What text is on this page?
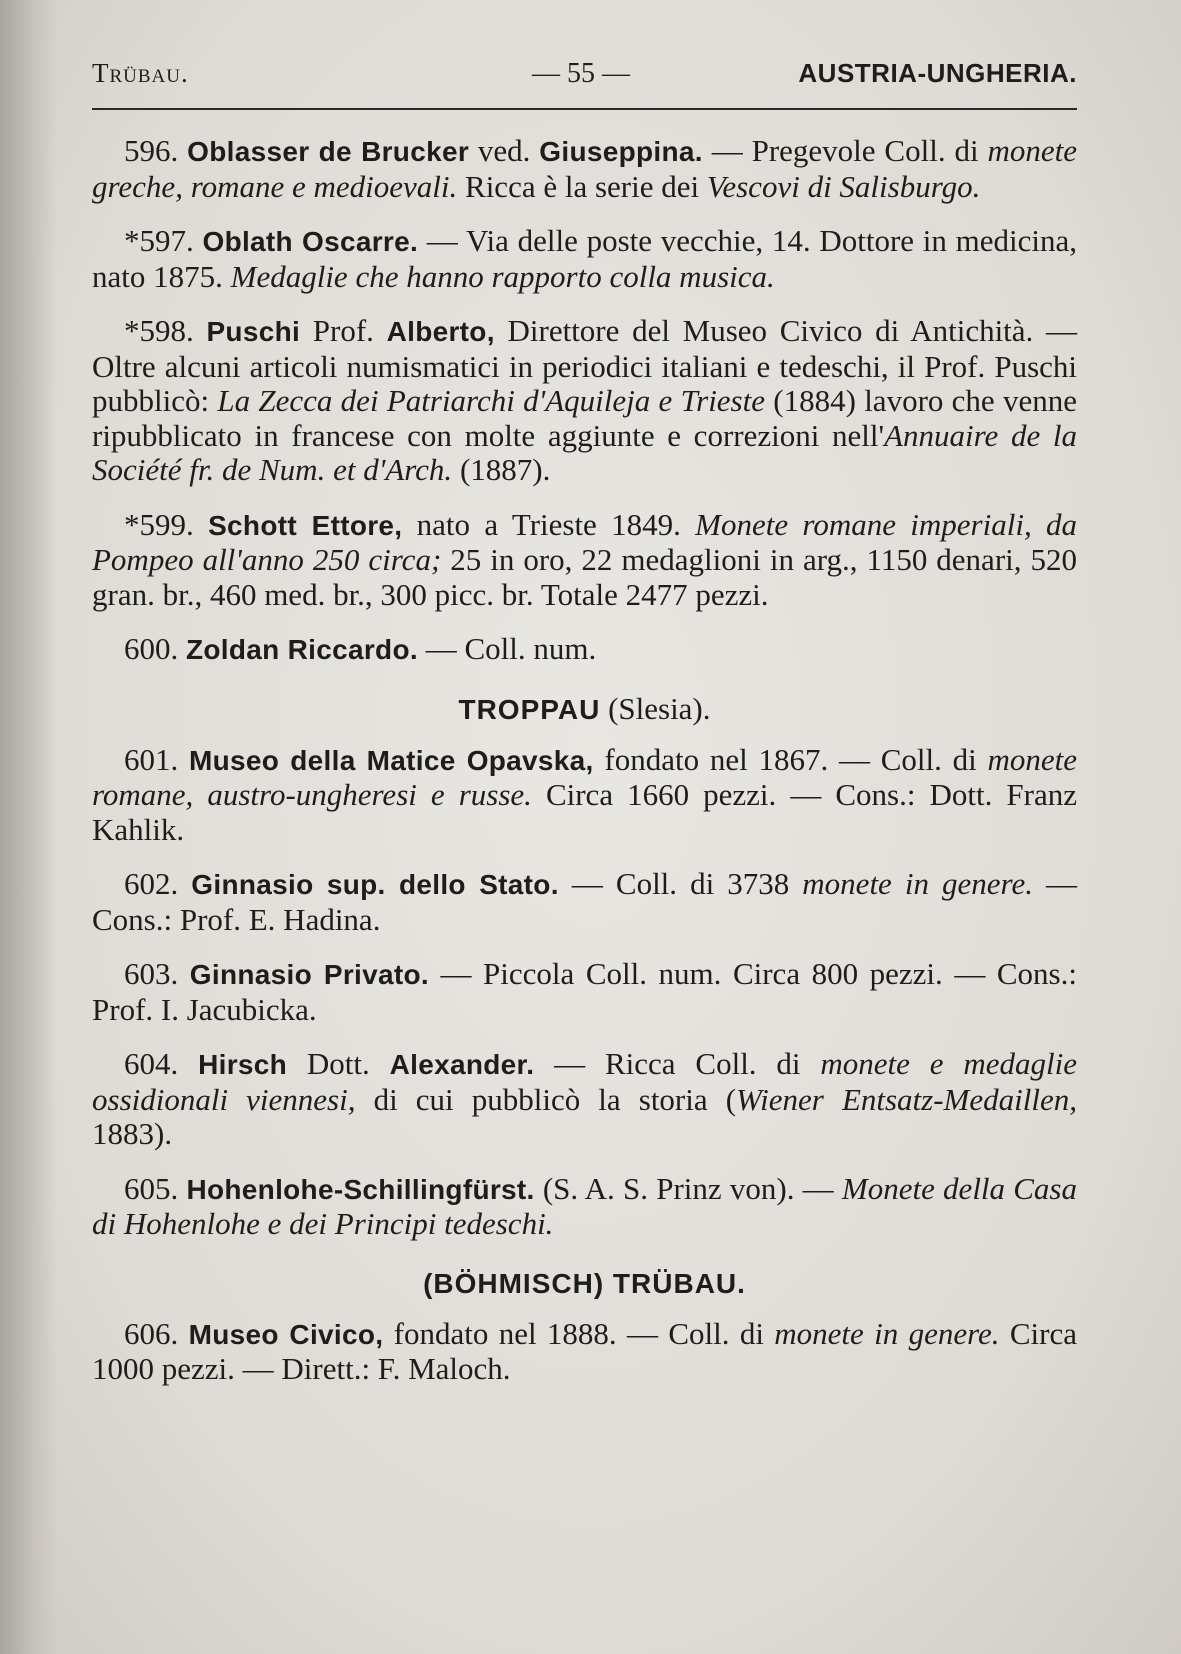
Trübau.	— 55 —	AUSTRIA-UNGHERIA.

596. Oblasser de Brucker ved. Giuseppina. — Pregevole Coll. di monete greche, romane e medioevali. Ricca è la serie dei Vescovi di Salisburgo.

*597. Oblath Oscarre. — Via delle poste vecchie, 14. Dottore in medicina, nato 1875. Medaglie che hanno rapporto colla musica.

*598. Puschi Prof. Alberto, Direttore del Museo Civico di Antichità. — Oltre alcuni articoli numismatici in periodici italiani e tedeschi, il Prof. Puschi pubblicò: La Zecca dei Patriarchi d'Aquileja e Trieste (1884) lavoro che venne ripubblicato in francese con molte aggiunte e correzioni nell'Annuaire de la Société fr. de Num. et d'Arch. (1887).

*599. Schott Ettore, nato a Trieste 1849. Monete romane imperiali, da Pompeo all'anno 250 circa; 25 in oro, 22 medaglioni in arg., 1150 denari, 520 gran. br., 460 med. br., 300 picc. br. Totale 2477 pezzi.

600. Zoldan Riccardo. — Coll. num.

TROPPAU (Slesia).

601. Museo della Matice Opavska, fondato nel 1867. — Coll. di monete romane, austro-ungheresi e russe. Circa 1660 pezzi. — Cons.: Dott. Franz Kahlik.

602. Ginnasio sup. dello Stato. — Coll. di 3738 monete in genere. — Cons.: Prof. E. Hadina.

603. Ginnasio Privato. — Piccola Coll. num. Circa 800 pezzi. — Cons.: Prof. I. Jacubicka.

604. Hirsch Dott. Alexander. — Ricca Coll. di monete e medaglie ossidionali viennesi, di cui pubblicò la storia (Wiener Entsatz-Medaillen, 1883).

605. Hohenlohe-Schillingfürst. (S. A. S. Prinz von). — Monete della Casa di Hohenlohe e dei Principi tedeschi.

(BÖHMISCH) TRÜBAU.

606. Museo Civico, fondato nel 1888. — Coll. di monete in genere. Circa 1000 pezzi. — Dirett.: F. Maloch.
